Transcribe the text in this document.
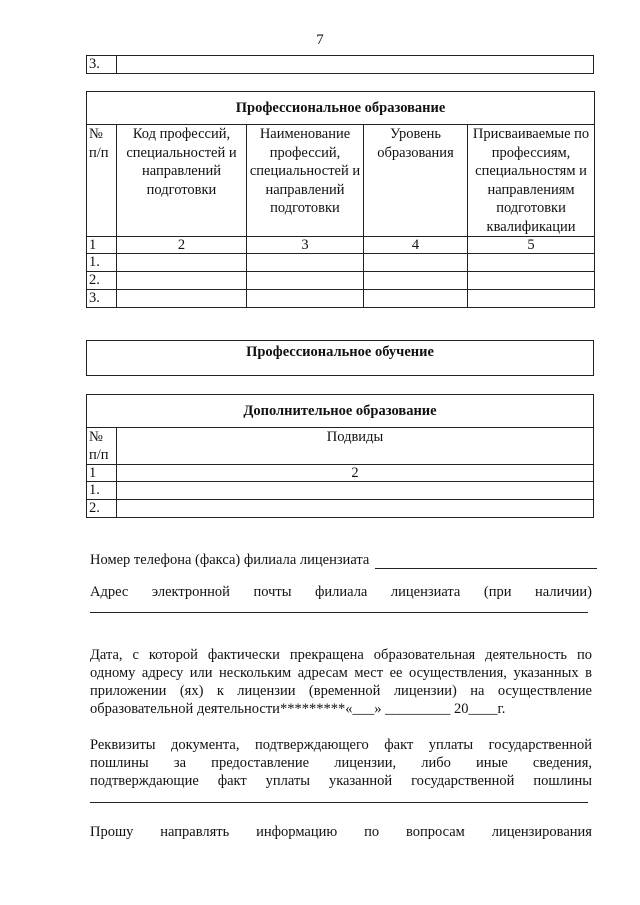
7
3.	
Профессиональное образование				
№ п/п	Код профессий, специальностей и направлений подготовки	Наименование профессий, специальностей и направлений подготовки	Уровень образования	Присваиваемые по профессиям, специальностям и направлениям подготовки квалификации
1	2	3	4	5
1.				
2.				
3.				
Профессиональное обучение
Дополнительное образование	
№ п/п	Подвиды
1	2
1.	
2.	
Номер телефона (факса) филиала лицензиата
Адрес электронной почты филиала лицензиата (при наличии)
Дата, с которой фактически прекращена образовательная деятельность по
одному адресу или нескольким адресам мест ее осуществления, указанных в
приложении (ях) к лицензии (временной лицензии) на осуществление
образовательной деятельности*********«___» _________ 20____г.
Реквизиты документа, подтверждающего факт уплаты государственной
пошлины за предоставление лицензии, либо иные сведения,
подтверждающие факт уплаты указанной государственной пошлины
Прошу направлять информацию по вопросам лицензирования
